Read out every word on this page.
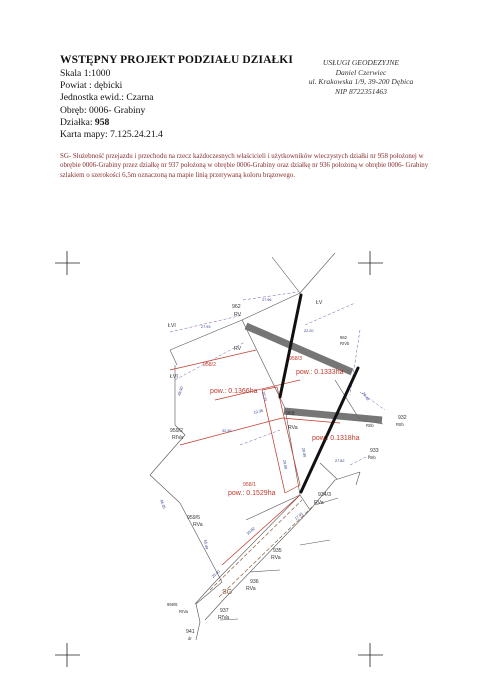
WSTĘPNY PROJEKT PODZIAŁU DZIAŁKI
Skala 1:1000
Powiat : dębicki
Jednostka ewid.: Czarna
Obręb: 0006- Grabiny
Działka: 958
Karta mapy: 7.125.24.21.4
USŁUGI GEODEZYJNE
Daniel Czerwiec
ul. Krakowska 1/9, 39-200 Dębica
NIP 8722351463
SG- Służebność przejazdu i przechodu na rzecz każdoczesnych właścicieli i użytkowników wieczystych działki nr 958 położonej w obrębie 0006-Grabiny przez działkę nr 937 położoną w obrębie 0006-Grabiny oraz działkę nr 936 położoną w obrębie 0006- Grabiny szlakiem o szerokości 6,5m oznaczoną na mapie linią przerywaną koloru brązowego.
962
RV
962
RIVb
ŁVI
ŁV
ŁVI
RV
958/2
958/3
958
RVa
958/1
959/2
RIVa
959/5
RVa
959/6
RIVa
932
RIIb
RIIb
933
RIIb
934/3
RVa
935
RVa
936
RVa
937
RIVa
941
dr
pow.: 0.1333ha
pow.: 0.1366ha
pow.: 0.1318ha
pow.: 0.1529ha
27.96
27.93
22.20
48.90
32.45
26.49
33.23
19.36
20.00
20.00	27.82
35.82
17.91
48.35
55.44
25.00
SG
